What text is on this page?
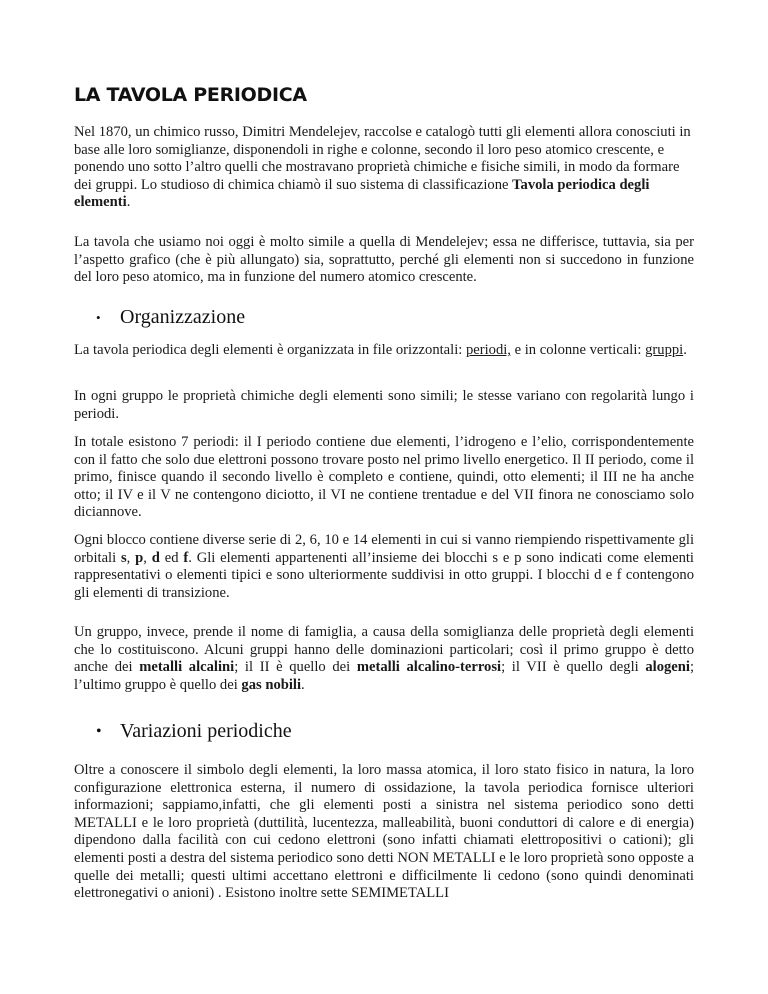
LA TAVOLA PERIODICA

Nel 1870, un chimico russo, Dimitri Mendelejev, raccolse e catalogò tutti gli elementi allora conosciuti in base alle loro somiglianze, disponendoli in righe e colonne, secondo il loro peso atomico crescente, e ponendo uno sotto l’altro quelli che mostravano proprietà chimiche e fisiche simili, in modo da formare dei gruppi. Lo studioso di chimica chiamò il suo sistema di classificazione Tavola periodica degli elementi.

La tavola che usiamo noi oggi è molto simile a quella di Mendelejev; essa ne differisce, tuttavia, sia per l’aspetto grafico (che è più allungato) sia, soprattutto, perché gli elementi non si succedono in funzione del loro peso atomico, ma in funzione del numero atomico crescente.

• Organizzazione

La tavola periodica degli elementi è organizzata in file orizzontali: periodi, e in colonne verticali: gruppi.

In ogni gruppo le proprietà chimiche degli elementi sono simili; le stesse variano con regolarità lungo i periodi.

In totale esistono 7 periodi: il I periodo contiene due elementi, l’idrogeno e l’elio, corrispondentemente con il fatto che solo due elettroni possono trovare posto nel primo livello energetico. Il II periodo, come il primo, finisce quando il secondo livello è completo e contiene, quindi, otto elementi; il III ne ha anche otto; il IV e il V ne contengono diciotto, il VI ne contiene trentadue e del VII finora ne conosciamo solo diciannove.

Ogni blocco contiene diverse serie di 2, 6, 10 e 14 elementi in cui si vanno riempiendo rispettivamente gli orbitali s, p, d ed f. Gli elementi appartenenti all’insieme dei blocchi s e p sono indicati come elementi rappresentativi o elementi tipici e sono ulteriormente suddivisi in otto gruppi. I blocchi d e f contengono gli elementi di transizione.

Un gruppo, invece, prende il nome di famiglia, a causa della somiglianza delle proprietà degli elementi che lo costituiscono. Alcuni gruppi hanno delle dominazioni particolari; così il primo gruppo è detto anche dei metalli alcalini; il II è quello dei metalli alcalino-terrosi; il VII è quello degli alogeni; l’ultimo gruppo è quello dei gas nobili.

• Variazioni periodiche

Oltre a conoscere il simbolo degli elementi, la loro massa atomica, il loro stato fisico in natura, la loro configurazione elettronica esterna, il numero di ossidazione, la tavola periodica fornisce ulteriori informazioni; sappiamo,infatti, che gli elementi posti a sinistra nel sistema periodico sono detti METALLI e le loro proprietà (duttilità, lucentezza, malleabilità, buoni conduttori di calore e di energia) dipendono dalla facilità con cui cedono elettroni (sono infatti chiamati elettropositivi o cationi); gli elementi posti a destra del sistema periodico sono detti NON METALLI e le loro proprietà sono opposte a quelle dei metalli; questi ultimi accettano elettroni e difficilmente li cedono (sono quindi denominati elettronegativi o anioni) . Esistono inoltre sette SEMIMETALLI
